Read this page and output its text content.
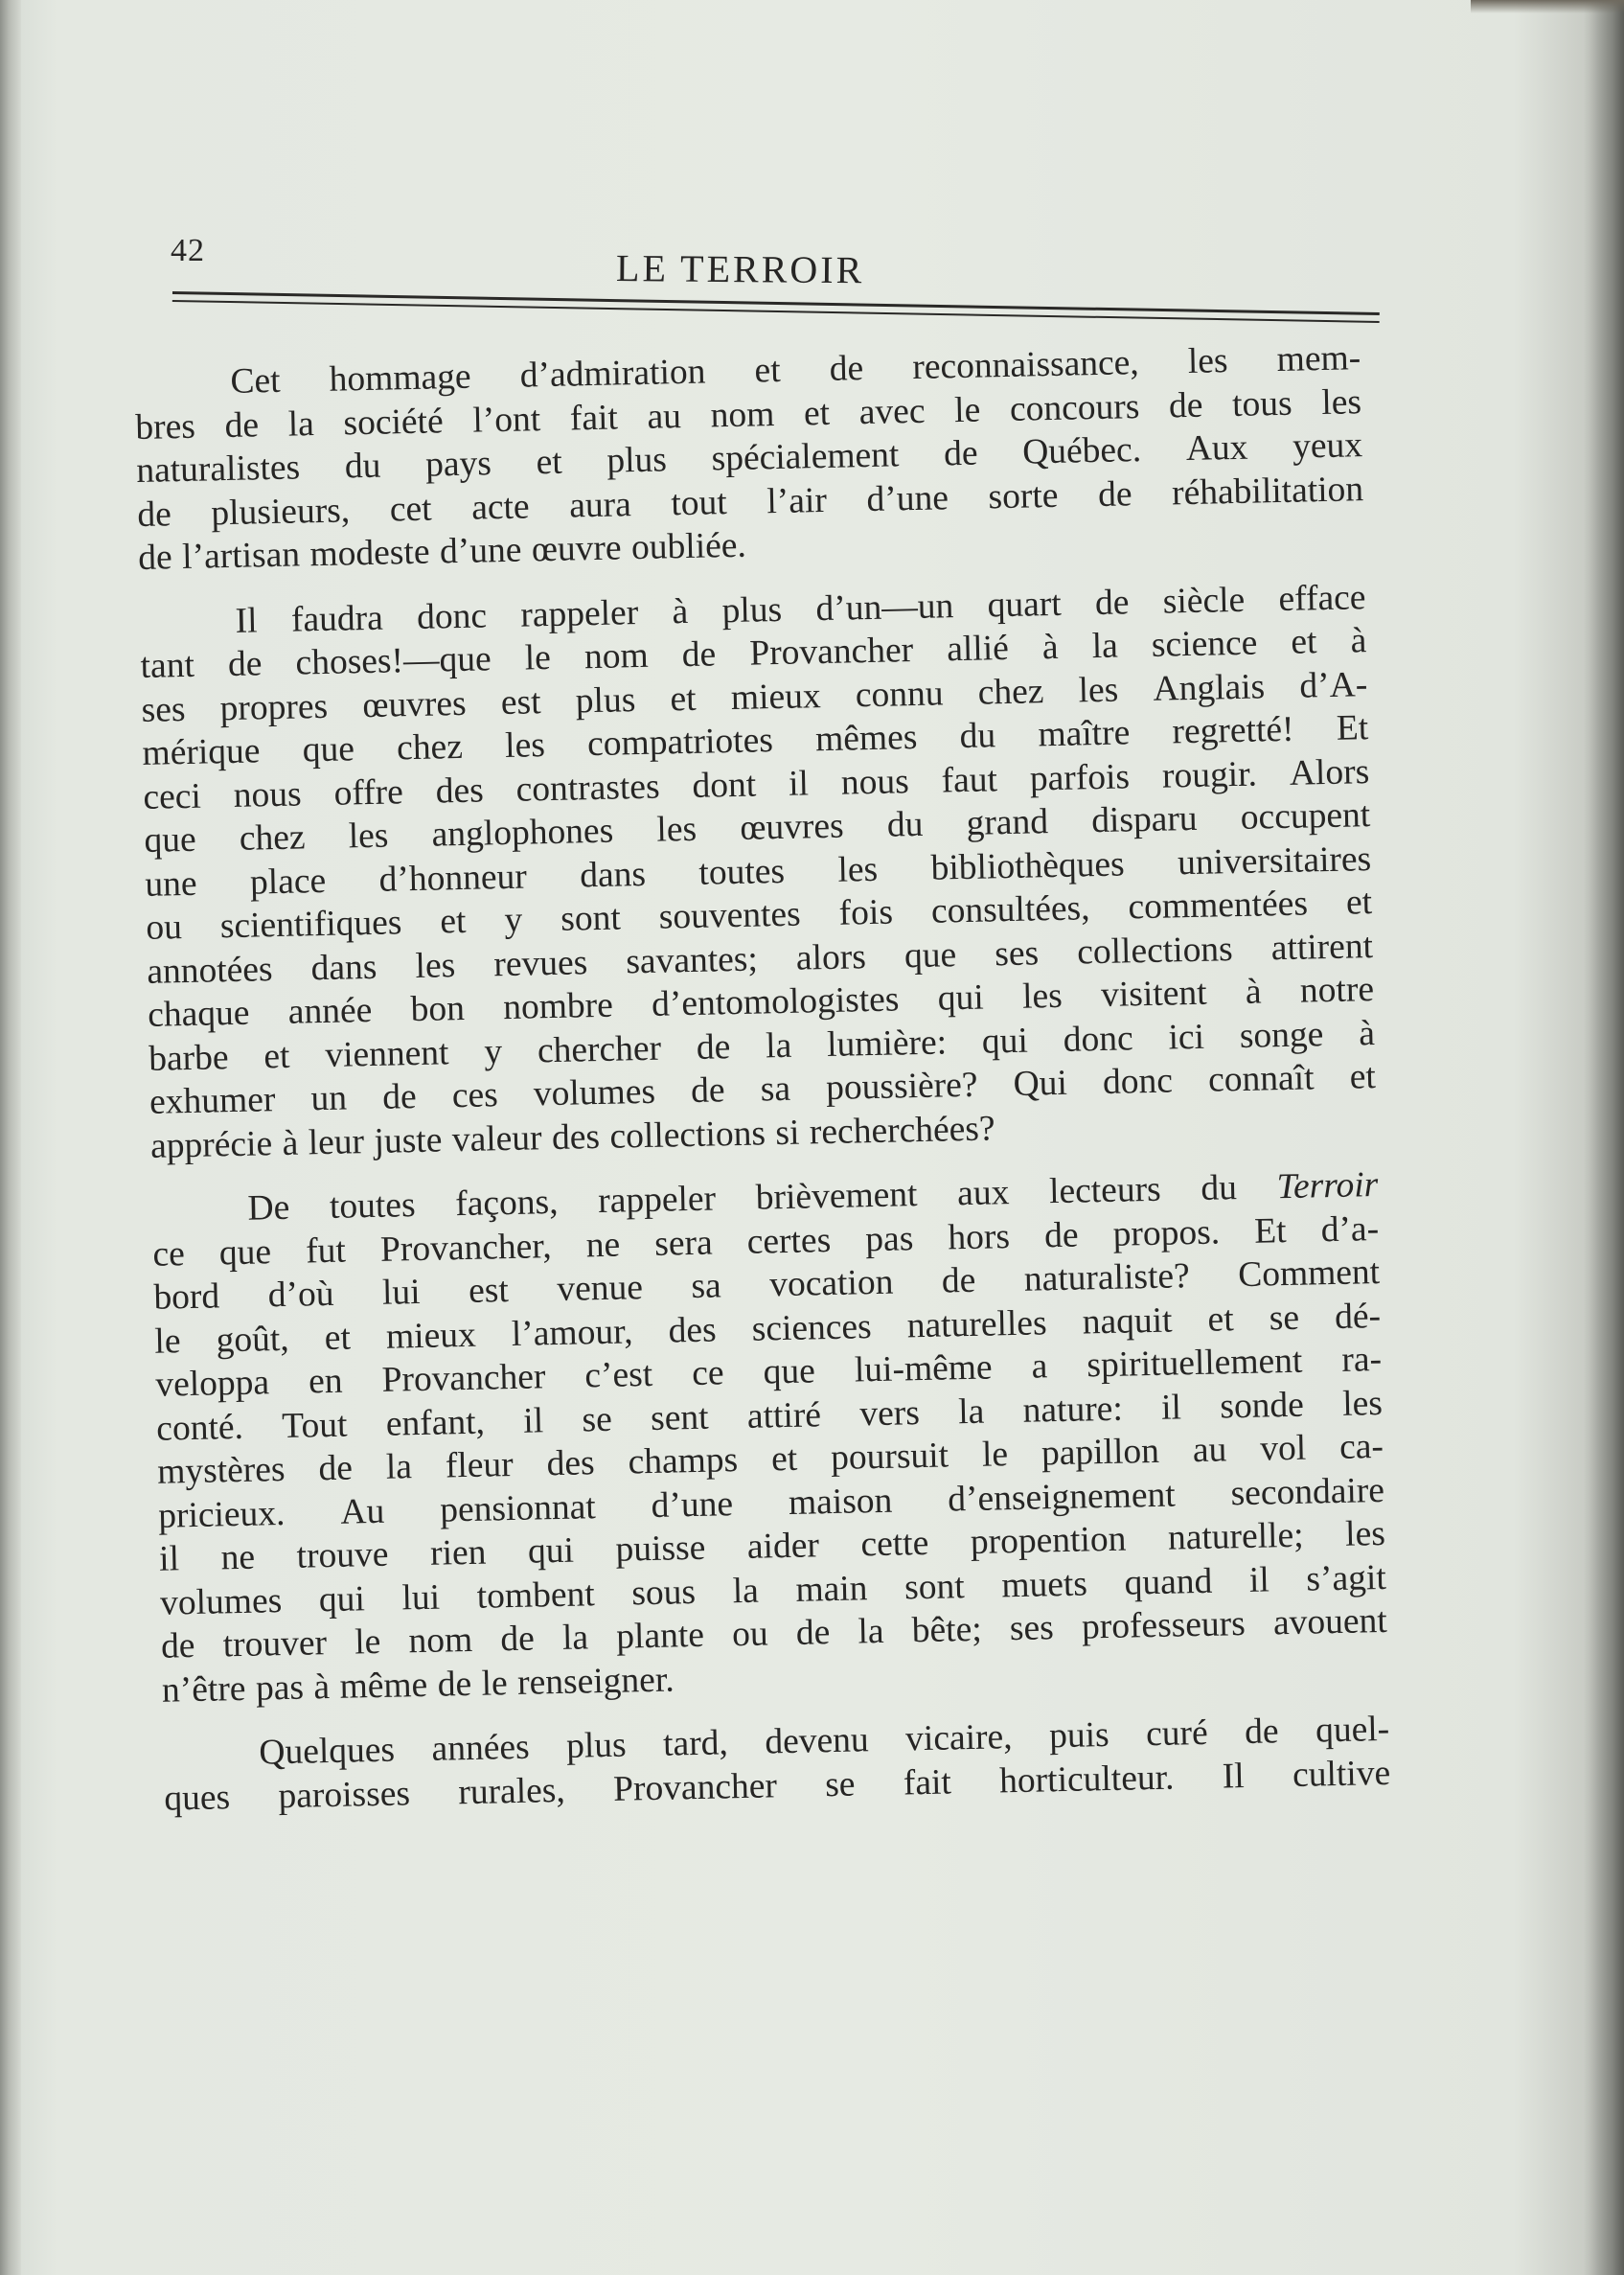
42	LE TERROIR
Cet hommage d’admiration et de reconnaissance, les mem-
bres de la société l’ont fait au nom et avec le concours de tous les
naturalistes du pays et plus spécialement de Québec. Aux yeux
de plusieurs, cet acte aura tout l’air d’une sorte de réhabilitation
de l’artisan modeste d’une œuvre oubliée.
Il faudra donc rappeler à plus d’un—un quart de siècle efface
tant de choses!—que le nom de Provancher allié à la science et à
ses propres œuvres est plus et mieux connu chez les Anglais d’A-
mérique que chez les compatriotes mêmes du maître regretté! Et
ceci nous offre des contrastes dont il nous faut parfois rougir. Alors
que chez les anglophones les œuvres du grand disparu occupent
une place d’honneur dans toutes les bibliothèques universitaires
ou scientifiques et y sont souventes fois consultées, commentées et
annotées dans les revues savantes; alors que ses collections attirent
chaque année bon nombre d’entomologistes qui les visitent à notre
barbe et viennent y chercher de la lumière: qui donc ici songe à
exhumer un de ces volumes de sa poussière? Qui donc connaît et
apprécie à leur juste valeur des collections si recherchées?
De toutes façons, rappeler brièvement aux lecteurs du Terroir
ce que fut Provancher, ne sera certes pas hors de propos. Et d’a-
bord d’où lui est venue sa vocation de naturaliste? Comment
le goût, et mieux l’amour, des sciences naturelles naquit et se dé-
veloppa en Provancher c’est ce que lui-même a spirituellement ra-
conté. Tout enfant, il se sent attiré vers la nature: il sonde les
mystères de la fleur des champs et poursuit le papillon au vol ca-
pricieux. Au pensionnat d’une maison d’enseignement secondaire
il ne trouve rien qui puisse aider cette propention naturelle; les
volumes qui lui tombent sous la main sont muets quand il s’agit
de trouver le nom de la plante ou de la bête; ses professeurs avouent
n’être pas à même de le renseigner.
Quelques années plus tard, devenu vicaire, puis curé de quel-
ques paroisses rurales, Provancher se fait horticulteur. Il cultive
